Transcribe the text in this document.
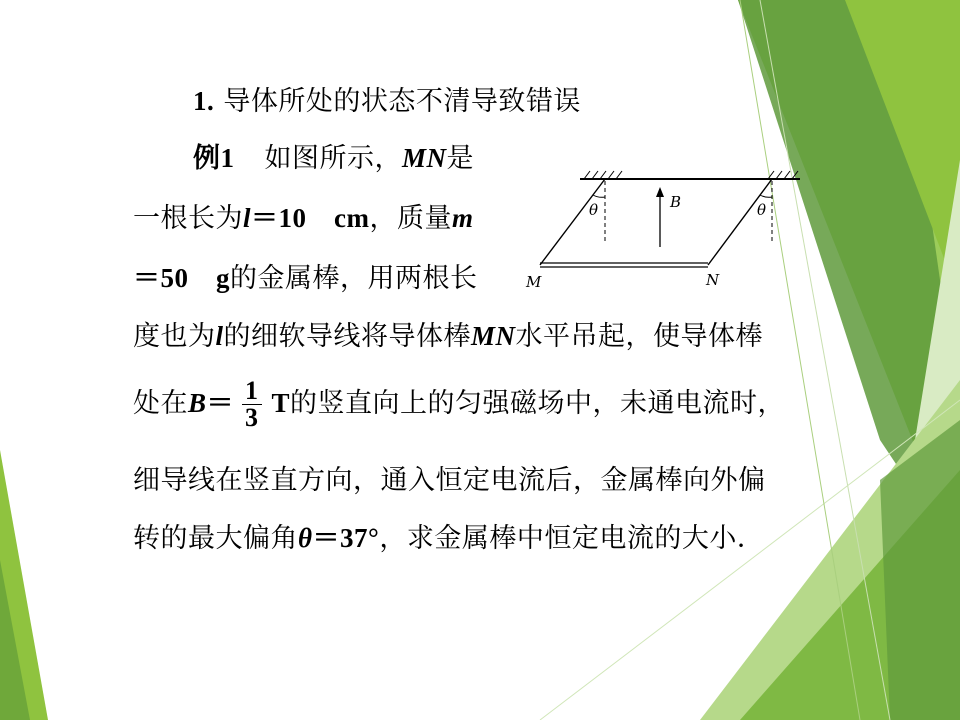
1. 导体所处的状态不清导致错误
例1 如图所示，MN是
一根长为l＝10　cm，质量m
＝50　g的金属棒，用两根长
度也为l的细软导线将导体棒MN水平吊起，使导体棒
处在$B= \frac{1}{3}$ T的竖直向上的匀强磁场中，未通电流时，
细导线在竖直方向，通入恒定电流后，金属棒向外偏
转的最大偏角θ＝37°，求金属棒中恒定电流的大小．
B
θ	θ
M	N
